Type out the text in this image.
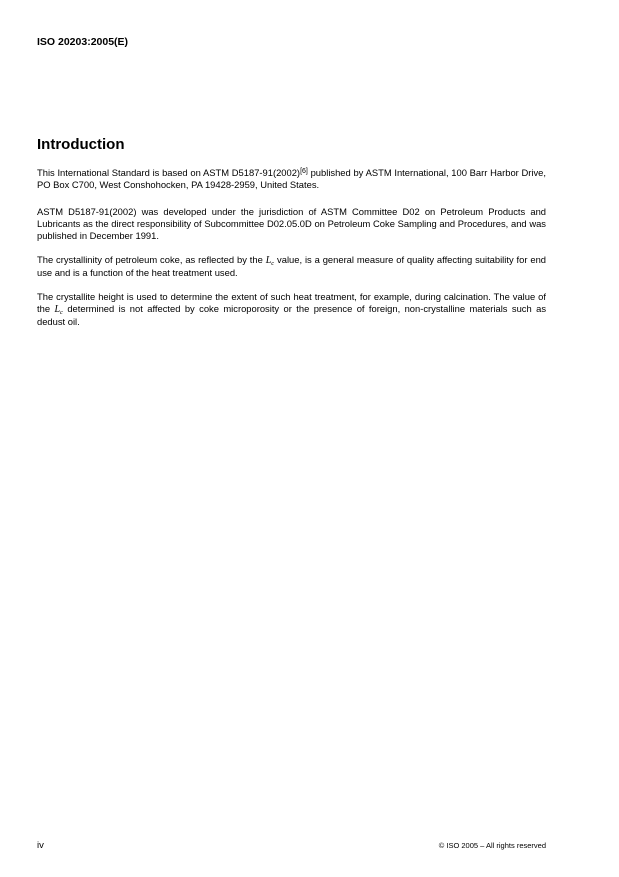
ISO 20203:2005(E)
Introduction

This International Standard is based on ASTM D5187-91(2002)[6] published by ASTM International, 100 Barr Harbor Drive, PO Box C700, West Conshohocken, PA 19428-2959, United States.

ASTM D5187-91(2002) was developed under the jurisdiction of ASTM Committee D02 on Petroleum Products and Lubricants as the direct responsibility of Subcommittee D02.05.0D on Petroleum Coke Sampling and Procedures, and was published in December 1991.

The crystallinity of petroleum coke, as reflected by the $L_c$ value, is a general measure of quality affecting suitability for end use and is a function of the heat treatment used.

The crystallite height is used to determine the extent of such heat treatment, for example, during calcination. The value of the $L_c$ determined is not affected by coke microporosity or the presence of foreign, non-crystalline materials such as dedust oil.

iv	© ISO 2005 – All rights reserved
